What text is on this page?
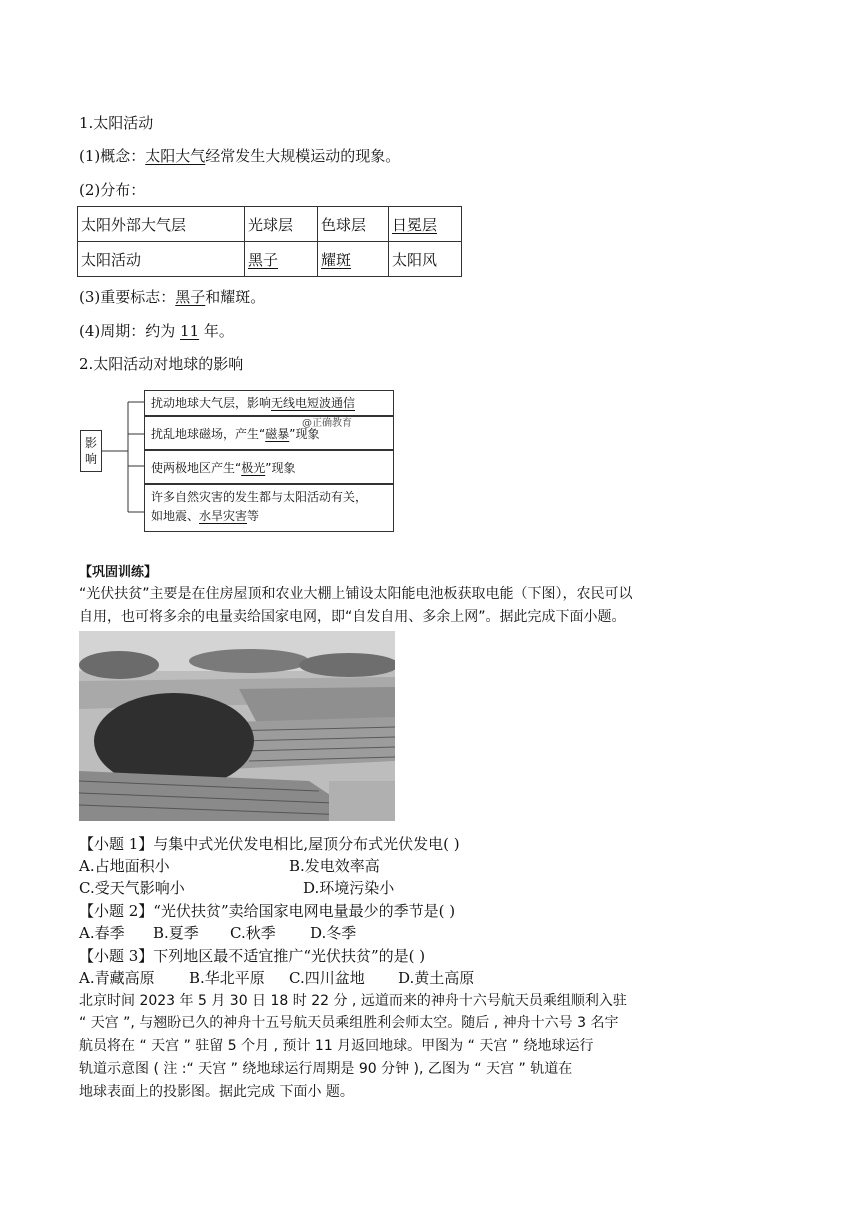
1.太阳活动
(1)概念：太阳大气经常发生大规模运动的现象。
(2)分布：
太阳外部大气层	光球层	色球层	日冕层
太阳活动	黑子	耀斑	太阳风
(3)重要标志：黑子和耀斑。
(4)周期：约为 11 年。
2.太阳活动对地球的影响
影响
扰动地球大气层，影响无线电短波通信
扰乱地球磁场，产生“磁暴”现象
使两极地区产生“极光”现象
许多自然灾害的发生都与太阳活动有关，
如地震、水旱灾害等
@正确教育
【巩固训练】
“光伏扶贫”主要是在住房屋顶和农业大棚上铺设太阳能电池板获取电能（下图），农民可以
自用，也可将多余的电量卖给国家电网，即“自发自用、多余上网”。据此完成下面小题。
【小题 1】与集中式光伏发电相比,屋顶分布式光伏发电( )
A.占地面积小	B.发电效率高
C.受天气影响小	D.环境污染小
【小题 2】“光伏扶贫”卖给国家电网电量最少的季节是( )
A.春季 B.夏季 C.秋季 D.冬季
【小题 3】下列地区最不适宜推广“光伏扶贫”的是( )
A.青藏高原 B.华北平原 C.四川盆地 D.黄土高原
北京时间 2023 年 5 月 30 日 18 时 22 分 , 远道而来的神舟十六号航天员乘组顺利入驻
“ 天宫 ”, 与翘盼已久的神舟十五号航天员乘组胜利会师太空。随后 , 神舟十六号 3 名宇
航员将在 “ 天宫 ” 驻留 5 个月 , 预计 11 月返回地球。甲图为 “ 天宫 ” 绕地球运行
轨道示意图 ( 注 :“ 天宫 ” 绕地球运行周期是 90 分钟 ), 乙图为 “ 天宫 ” 轨道在
地球表面上的投影图。据此完成 下面小 题。
